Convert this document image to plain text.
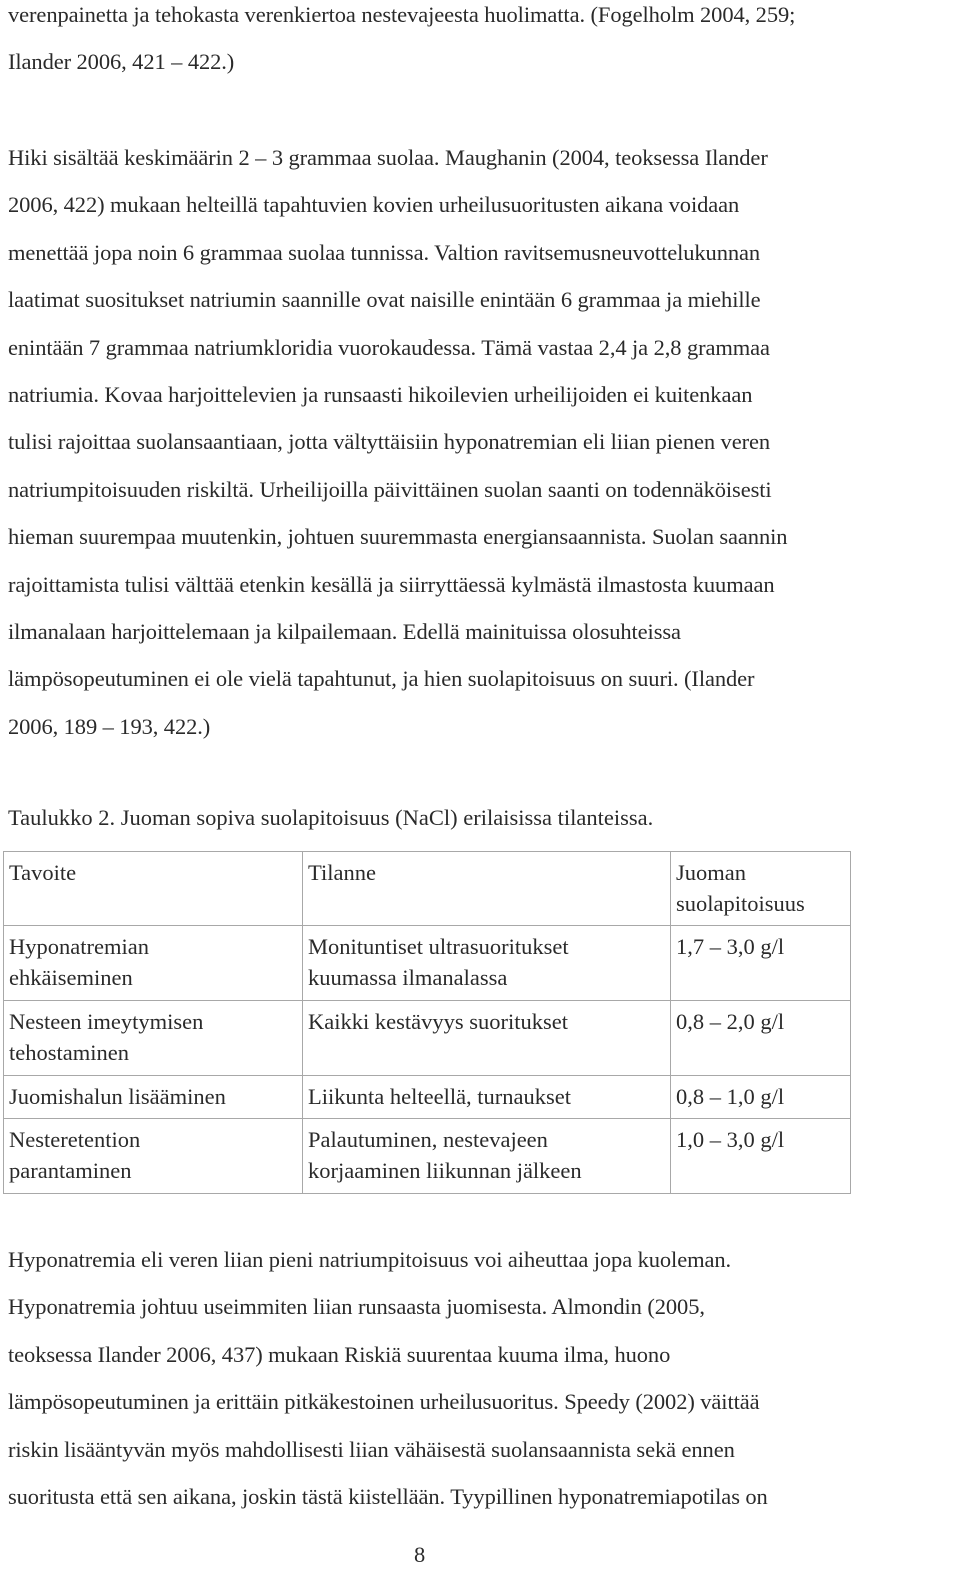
verenpainetta ja tehokasta verenkiertoa nestevajeesta huolimatta. (Fogelholm 2004, 259;
Ilander 2006, 421 – 422.)

Hiki sisältää keskimäärin 2 – 3 grammaa suolaa. Maughanin (2004, teoksessa Ilander
2006, 422) mukaan helteillä tapahtuvien kovien urheilusuoritusten aikana voidaan
menettää jopa noin 6 grammaa suolaa tunnissa. Valtion ravitsemusneuvottelukunnan
laatimat suositukset natriumin saannille ovat naisille enintään 6 grammaa ja miehille
enintään 7 grammaa natriumkloridia vuorokaudessa. Tämä vastaa 2,4 ja 2,8 grammaa
natriumia. Kovaa harjoittelevien ja runsaasti hikoilevien urheilijoiden ei kuitenkaan
tulisi rajoittaa suolansaantiaan, jotta vältyttäisiin hyponatremian eli liian pienen veren
natriumpitoisuuden riskiltä. Urheilijoilla päivittäinen suolan saanti on todennäköisesti
hieman suurempaa muutenkin, johtuen suuremmasta energiansaannista. Suolan saannin
rajoittamista tulisi välttää etenkin kesällä ja siirryttäessä kylmästä ilmastosta kuumaan
ilmanalaan harjoittelemaan ja kilpailemaan. Edellä mainituissa olosuhteissa
lämpösopeutuminen ei ole vielä tapahtunut, ja hien suolapitoisuus on suuri. (Ilander
2006, 189 – 193, 422.)

Taulukko 2. Juoman sopiva suolapitoisuus (NaCl) erilaisissa tilanteissa.
Tavoite	Tilanne	Juoman
suolapitoisuus

Hyponatremian
ehkäiseminen	Monituntiset ultrasuoritukset
kuumassa ilmanalassa	1,7 – 3,0 g/l

Nesteen imeytymisen
tehostaminen	Kaikki kestävyys suoritukset	0,8 – 2,0 g/l

Juomishalun lisääminen	Liikunta helteellä, turnaukset	0,8 – 1,0 g/l

Nesteretention
parantaminen	Palautuminen, nestevajeen
korjaaminen liikunnan jälkeen	1,0 – 3,0 g/l

Hyponatremia eli veren liian pieni natriumpitoisuus voi aiheuttaa jopa kuoleman.
Hyponatremia johtuu useimmiten liian runsaasta juomisesta. Almondin (2005,
teoksessa Ilander 2006, 437) mukaan Riskiä suurentaa kuuma ilma, huono
lämpösopeutuminen ja erittäin pitkäkestoinen urheilusuoritus. Speedy (2002) väittää
riskin lisääntyvän myös mahdollisesti liian vähäisestä suolansaannista sekä ennen
suoritusta että sen aikana, joskin tästä kiistellään. Tyypillinen hyponatremiapotilas on

8
